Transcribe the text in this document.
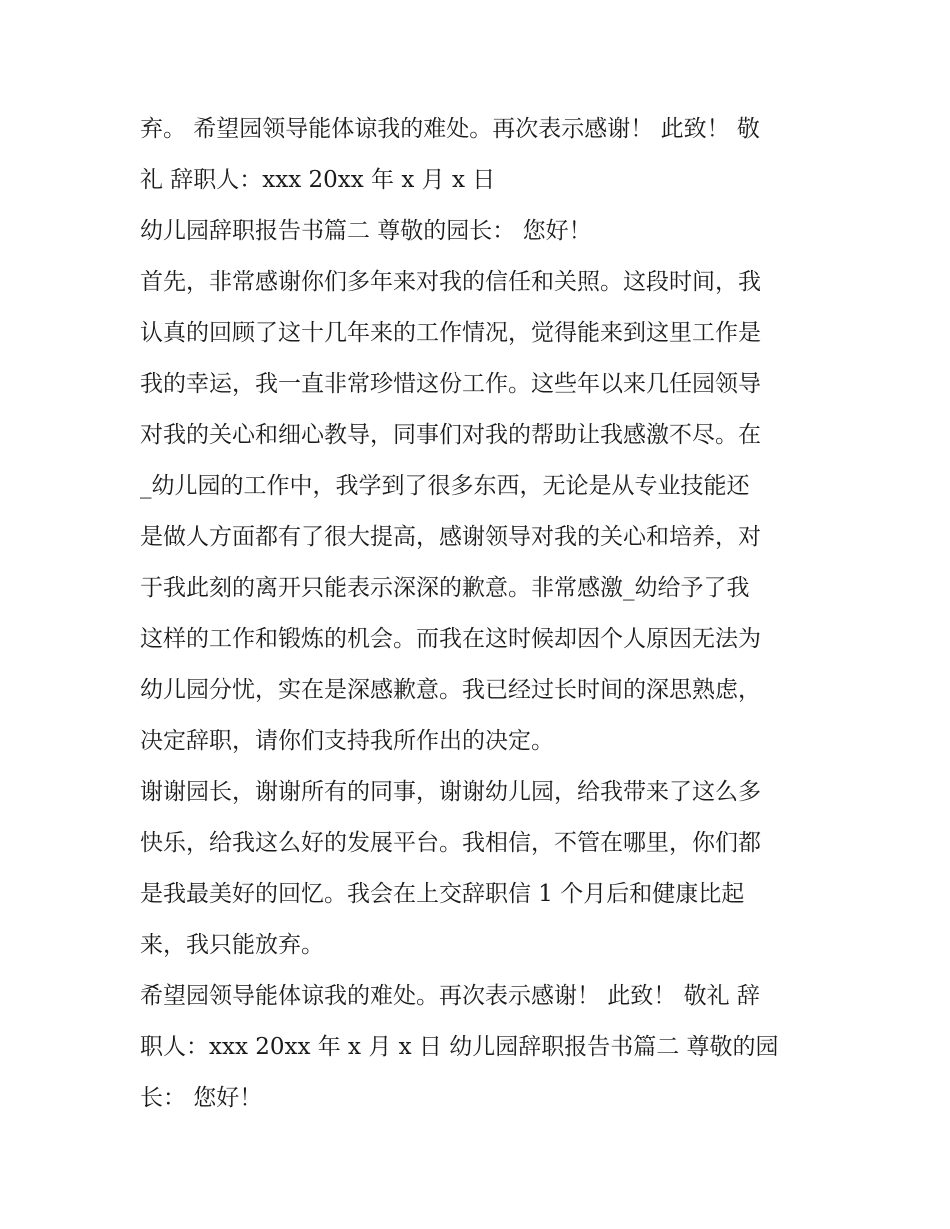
弃。 希望园领导能体谅我的难处。再次表示感谢！ 此致！ 敬
礼 辞职人：xxx 20xx 年 x 月 x 日
幼儿园辞职报告书篇二 尊敬的园长： 您好！
首先，非常感谢你们多年来对我的信任和关照。这段时间，我
认真的回顾了这十几年来的工作情况，觉得能来到这里工作是
我的幸运，我一直非常珍惜这份工作。这些年以来几任园领导
对我的关心和细心教导，同事们对我的帮助让我感激不尽。在
_幼儿园的工作中，我学到了很多东西，无论是从专业技能还
是做人方面都有了很大提高，感谢领导对我的关心和培养，对
于我此刻的离开只能表示深深的歉意。非常感激_幼给予了我
这样的工作和锻炼的机会。而我在这时候却因个人原因无法为
幼儿园分忧，实在是深感歉意。我已经过长时间的深思熟虑，
决定辞职，请你们支持我所作出的决定。
谢谢园长，谢谢所有的同事，谢谢幼儿园，给我带来了这么多
快乐，给我这么好的发展平台。我相信，不管在哪里，你们都
是我最美好的回忆。我会在上交辞职信 1 个月后和健康比起
来，我只能放弃。
希望园领导能体谅我的难处。再次表示感谢！ 此致！ 敬礼 辞
职人：xxx 20xx 年 x 月 x 日 幼儿园辞职报告书篇二 尊敬的园
长： 您好！
